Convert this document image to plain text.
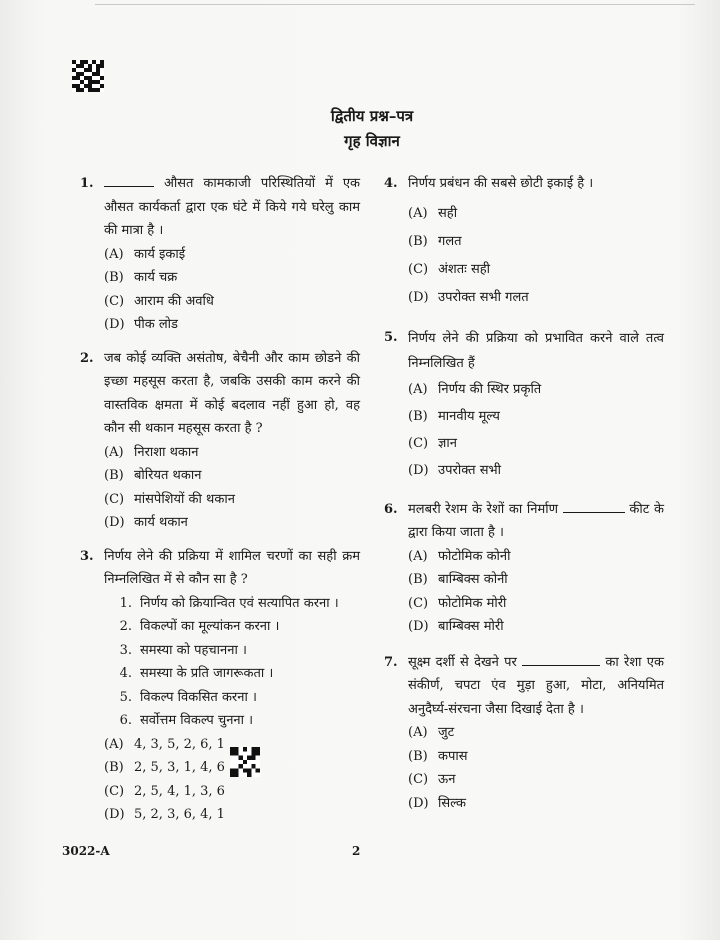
द्वितीय प्रश्न–पत्र
गृह विज्ञान
1.	औसत कामकाजी परिस्थितियों में एक औसत कार्यकर्ता द्वारा एक घंटे में किये गये घरेलु काम की मात्रा है ।
(A) कार्य इकाई
(B) कार्य चक्र
(C) आराम की अवधि
(D) पीक लोड
2. जब कोई व्यक्ति असंतोष, बेचैनी और काम छोडने की इच्छा महसूस करता है, जबकि उसकी काम करने की वास्तविक क्षमता में कोई बदलाव नहीं हुआ हो, वह कौन सी थकान महसूस करता है ?
(A) निराशा थकान
(B) बोरियत थकान
(C) मांसपेशियों की थकान
(D) कार्य थकान
3. निर्णय लेने की प्रक्रिया में शामिल चरणों का सही क्रम निम्नलिखित में से कौन सा है ?
1. निर्णय को क्रियान्वित एवं सत्यापित करना ।
2. विकल्पों का मूल्यांकन करना ।
3. समस्या को पहचानना ।
4. समस्या के प्रति जागरूकता ।
5. विकल्प विकसित करना ।
6. सर्वोत्तम विकल्प चुनना ।
(A) 4, 3, 5, 2, 6, 1
(B) 2, 5, 3, 1, 4, 6
(C) 2, 5, 4, 1, 3, 6
(D) 5, 2, 3, 6, 4, 1
4. निर्णय प्रबंधन की सबसे छोटी इकाई है ।
(A) सही
(B) गलत
(C) अंशतः सही
(D) उपरोक्त सभी गलत
5. निर्णय लेने की प्रक्रिया को प्रभावित करने वाले तत्व निम्नलिखित हैं
(A) निर्णय की स्थिर प्रकृति
(B) मानवीय मूल्य
(C) ज्ञान
(D) उपरोक्त सभी
6. मलबरी रेशम के रेशों का निर्माण	कीट के द्वारा किया जाता है ।
(A) फोटोमिक कोनी
(B) बाम्बिक्स कोनी
(C) फोटोमिक मोरी
(D) बाम्बिक्स मोरी
7. सूक्ष्म दर्शी से देखने पर	का रेशा एक संकीर्ण, चपटा एंव मुड़ा हुआ, मोटा, अनियमित अनुदैर्घ्य-संरचना जैसा दिखाई देता है ।
(A) जुट
(B) कपास
(C) ऊन
(D) सिल्क
3022-A	2
